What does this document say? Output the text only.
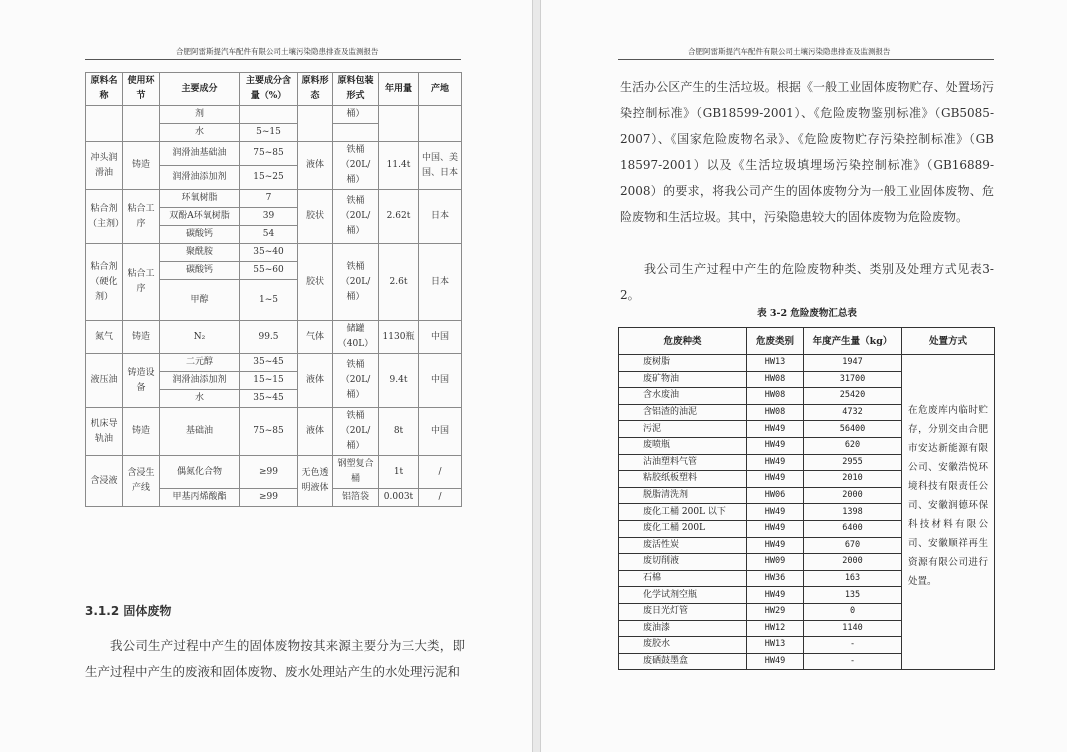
合肥阿雷斯提汽车配件有限公司土壤污染隐患排查及监测报告
原料名称	使用环节	主要成分	主要成分含量（%）	原料形态	原料包装形式	年用量	产地
		剂			桶）		
		水	5~15				
冲头润滑油	铸造	润滑油基础油	75~85	液体	铁桶（20L/桶）	11.4t	中国、美国、日本
		润滑油添加剂	15~25				
粘合剂（主剂）	粘合工序	环氧树脂	7	胶状	铁桶（20L/桶）	2.62t	日本
		双酚A环氧树脂	39				
		碳酸钙	54				
粘合剂（硬化剂）	粘合工序	聚酰胺	35~40	胶状	铁桶（20L/桶）	2.6t	日本
		碳酸钙	55~60				
		甲醇	1~5				
氮气	铸造	N₂	99.5	气体	储罐（40L）	1130瓶	中国
液压油	铸造设备	二元醇	35~45	液体	铁桶（20L/桶）	9.4t	中国
		润滑油添加剂	15~15				
		水	35~45				
机床导轨油	铸造	基础油	75~85	液体	铁桶（20L/桶）	8t	中国
含浸液	含浸生产线	偶氮化合物	≥99	无色透明液体	钢塑复合桶	1t	/
		甲基丙烯酸酯	≥99		铝箔袋	0.003t	/
3.1.2 固体废物
我公司生产过程中产生的固体废物按其来源主要分为三大类，即生产过程中产生的废液和固体废物、废水处理站产生的水处理污泥和
合肥阿雷斯提汽车配件有限公司土壤污染隐患排查及监测报告
生活办公区产生的生活垃圾。根据《一般工业固体废物贮存、处置场污染控制标准》（GB18599-2001）、《危险废物鉴别标准》（GB5085-2007）、《国家危险废物名录》、《危险废物贮存污染控制标准》（GB 18597-2001）以及《生活垃圾填埋场污染控制标准》（GB16889-2008）的要求，将我公司产生的固体废物分为一般工业固体废物、危险废物和生活垃圾。其中，污染隐患较大的固体废物为危险废物。
我公司生产过程中产生的危险废物种类、类别及处理方式见表3-2。
表 3-2 危险废物汇总表
危废种类	危废类别	年度产生量（kg）	处置方式
废树脂	HW13	1947	在危废库内临时贮存，分别交由合肥市安达新能源有限公司、安徽浩悦环境科技有限责任公司、安徽润德环保科技材料有限公司、安徽顺祥再生资源有限公司进行处置。
废矿物油	HW08	31700	
含水废油	HW08	25420	
含铝渣的油泥	HW08	4732	
污泥	HW49	56400	
废喷瓶	HW49	620	
沾油塑料气管	HW49	2955	
粘胶纸板塑料	HW49	2010	
脱脂清洗剂	HW06	2000	
废化工桶 200L 以下	HW49	1398	
废化工桶 200L	HW49	6400	
废活性炭	HW49	670	
废切削液	HW09	2000	
石棉	HW36	163	
化学试剂空瓶	HW49	135	
废日光灯管	HW29	0	
废油漆	HW12	1140	
废胶水	HW13	-	
废硒鼓墨盒	HW49	-	
